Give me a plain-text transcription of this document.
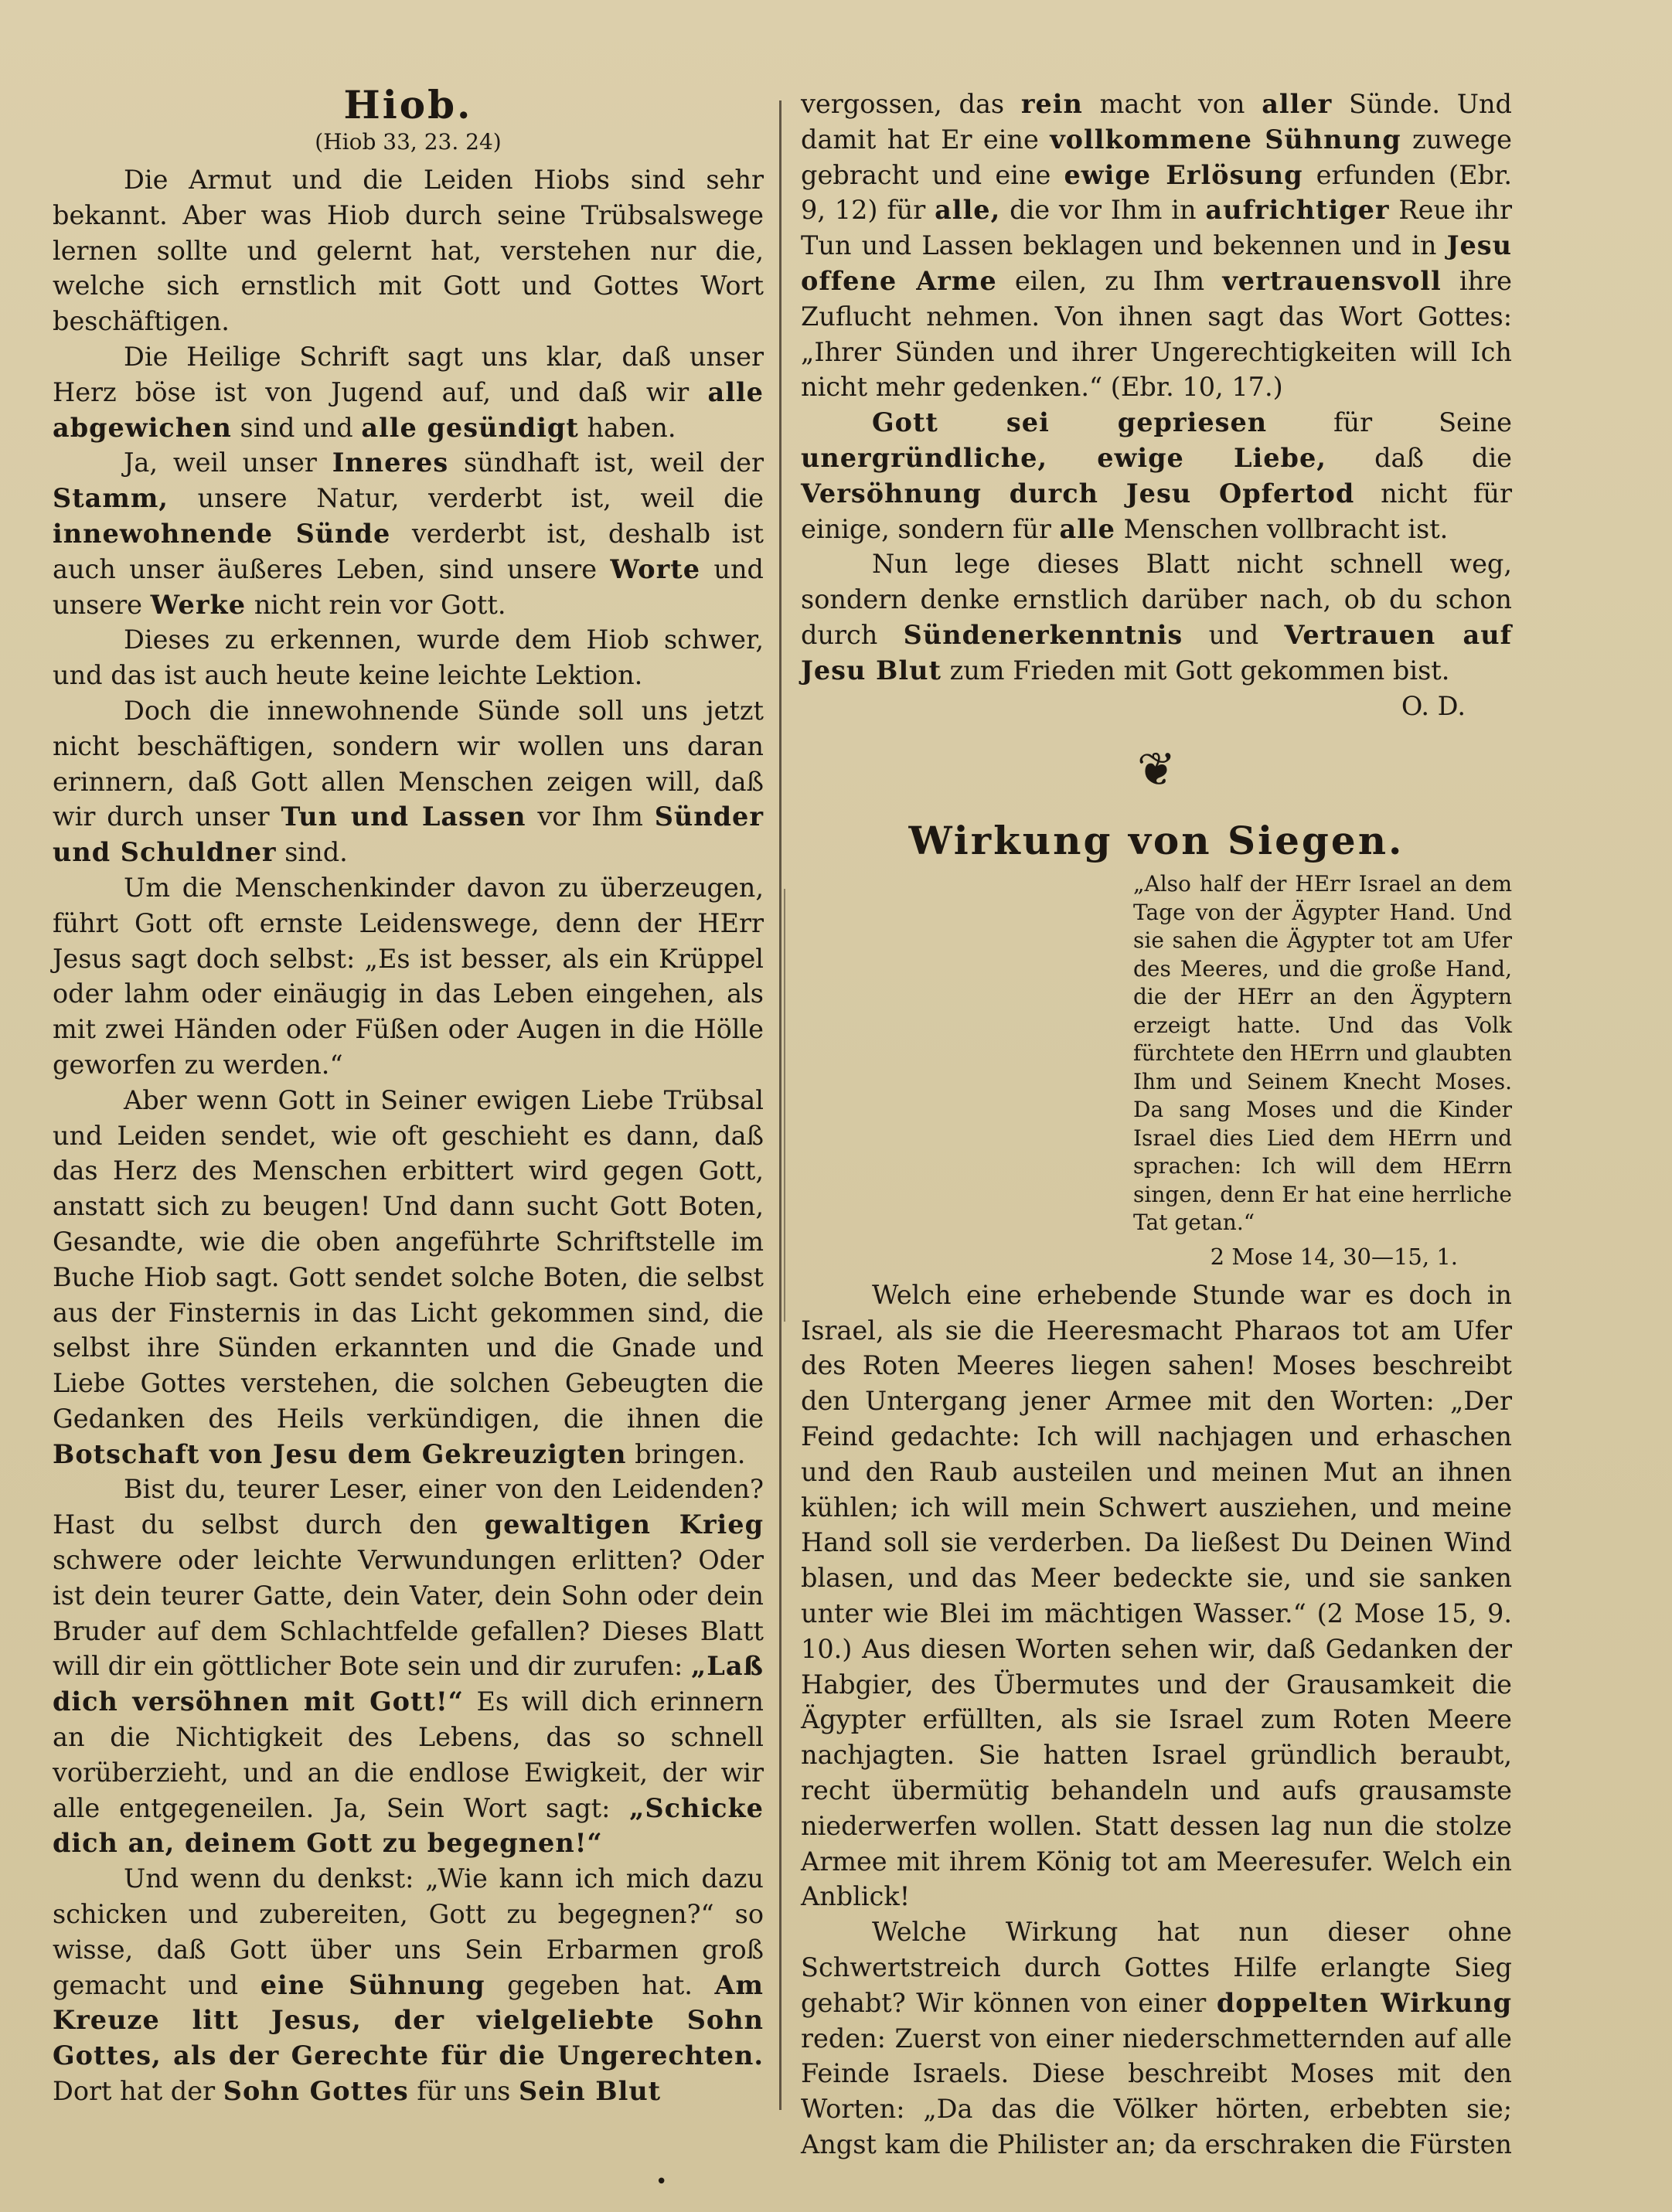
Hiob.
(Hiob 33, 23. 24)

Die Armut und die Leiden Hiobs sind sehr bekannt. Aber was Hiob durch seine Trübsalswege lernen sollte und gelernt hat, verstehen nur die, welche sich ernstlich mit Gott und Gottes Wort beschäftigen.

Die Heilige Schrift sagt uns klar, daß unser Herz böse ist von Jugend auf, und daß wir alle abgewichen sind und alle gesündigt haben.

Ja, weil unser Inneres sündhaft ist, weil der Stamm, unsere Natur, verderbt ist, weil die innewohnende Sünde verderbt ist, deshalb ist auch unser äußeres Leben, sind unsere Worte und unsere Werke nicht rein vor Gott.

Dieses zu erkennen, wurde dem Hiob schwer, und das ist auch heute keine leichte Lektion.

Doch die innewohnende Sünde soll uns jetzt nicht beschäftigen, sondern wir wollen uns daran erinnern, daß Gott allen Menschen zeigen will, daß wir durch unser Tun und Lassen vor Ihm Sünder und Schuldner sind.

Um die Menschenkinder davon zu überzeugen, führt Gott oft ernste Leidenswege, denn der HErr Jesus sagt doch selbst: „Es ist besser, als ein Krüppel oder lahm oder einäugig in das Leben eingehen, als mit zwei Händen oder Füßen oder Augen in die Hölle geworfen zu werden.“

Aber wenn Gott in Seiner ewigen Liebe Trübsal und Leiden sendet, wie oft geschieht es dann, daß das Herz des Menschen erbittert wird gegen Gott, anstatt sich zu beugen! Und dann sucht Gott Boten, Gesandte, wie die oben angeführte Schriftstelle im Buche Hiob sagt. Gott sendet solche Boten, die selbst aus der Finsternis in das Licht gekommen sind, die selbst ihre Sünden erkannten und die Gnade und Liebe Gottes verstehen, die solchen Gebeugten die Gedanken des Heils verkündigen, die ihnen die Botschaft von Jesu dem Gekreuzigten bringen.

Bist du, teurer Leser, einer von den Leidenden? Hast du selbst durch den gewaltigen Krieg schwere oder leichte Verwundungen erlitten? Oder ist dein teurer Gatte, dein Vater, dein Sohn oder dein Bruder auf dem Schlachtfelde gefallen? Dieses Blatt will dir ein göttlicher Bote sein und dir zurufen: „Laß dich versöhnen mit Gott!“ Es will dich erinnern an die Nichtigkeit des Lebens, das so schnell vorüberzieht, und an die endlose Ewigkeit, der wir alle entgegeneilen. Ja, Sein Wort sagt: „Schicke dich an, deinem Gott zu begegnen!“

Und wenn du denkst: „Wie kann ich mich dazu schicken und zubereiten, Gott zu begegnen?“ so wisse, daß Gott über uns Sein Erbarmen groß gemacht und eine Sühnung gegeben hat. Am Kreuze litt Jesus, der vielgeliebte Sohn Gottes, als der Gerechte für die Ungerechten. Dort hat der Sohn Gottes für uns Sein Blut

vergossen, das rein macht von aller Sünde. Und damit hat Er eine vollkommene Sühnung zuwege gebracht und eine ewige Erlösung erfunden (Ebr. 9, 12) für alle, die vor Ihm in aufrichtiger Reue ihr Tun und Lassen beklagen und bekennen und in Jesu offene Arme eilen, zu Ihm vertrauensvoll ihre Zuflucht nehmen. Von ihnen sagt das Wort Gottes: „Ihrer Sünden und ihrer Ungerechtigkeiten will Ich nicht mehr gedenken.“ (Ebr. 10, 17.)

Gott sei gepriesen für Seine unergründliche, ewige Liebe, daß die Versöhnung durch Jesu Opfertod nicht für einige, sondern für alle Menschen vollbracht ist.

Nun lege dieses Blatt nicht schnell weg, sondern denke ernstlich darüber nach, ob du schon durch Sündenerkenntnis und Vertrauen auf Jesu Blut zum Frieden mit Gott gekommen bist.

O. D.
❦
Wirkung von Siegen.
„Also half der HErr Israel an dem Tage von der Ägypter Hand. Und sie sahen die Ägypter tot am Ufer des Meeres, und die große Hand, die der HErr an den Ägyptern erzeigt hatte. Und das Volk fürchtete den HErrn und glaubten Ihm und Seinem Knecht Moses. Da sang Moses und die Kinder Israel dies Lied dem HErrn und sprachen: Ich will dem HErrn singen, denn Er hat eine herrliche Tat getan.“
2 Mose 14, 30—15, 1.

Welch eine erhebende Stunde war es doch in Israel, als sie die Heeresmacht Pharaos tot am Ufer des Roten Meeres liegen sahen! Moses beschreibt den Untergang jener Armee mit den Worten: „Der Feind gedachte: Ich will nachjagen und erhaschen und den Raub austeilen und meinen Mut an ihnen kühlen; ich will mein Schwert ausziehen, und meine Hand soll sie verderben. Da ließest Du Deinen Wind blasen, und das Meer bedeckte sie, und sie sanken unter wie Blei im mächtigen Wasser.“ (2 Mose 15, 9. 10.) Aus diesen Worten sehen wir, daß Gedanken der Habgier, des Übermutes und der Grausamkeit die Ägypter erfüllten, als sie Israel zum Roten Meere nachjagten. Sie hatten Israel gründlich beraubt, recht übermütig behandeln und aufs grausamste niederwerfen wollen. Statt dessen lag nun die stolze Armee mit ihrem König tot am Meeresufer. Welch ein Anblick!

Welche Wirkung hat nun dieser ohne Schwertstreich durch Gottes Hilfe erlangte Sieg gehabt? Wir können von einer doppelten Wirkung reden: Zuerst von einer niederschmetternden auf alle Feinde Israels. Diese beschreibt Moses mit den Worten: „Da das die Völker hörten, erbebten sie; Angst kam die Philister an; da erschraken die Fürsten

•
